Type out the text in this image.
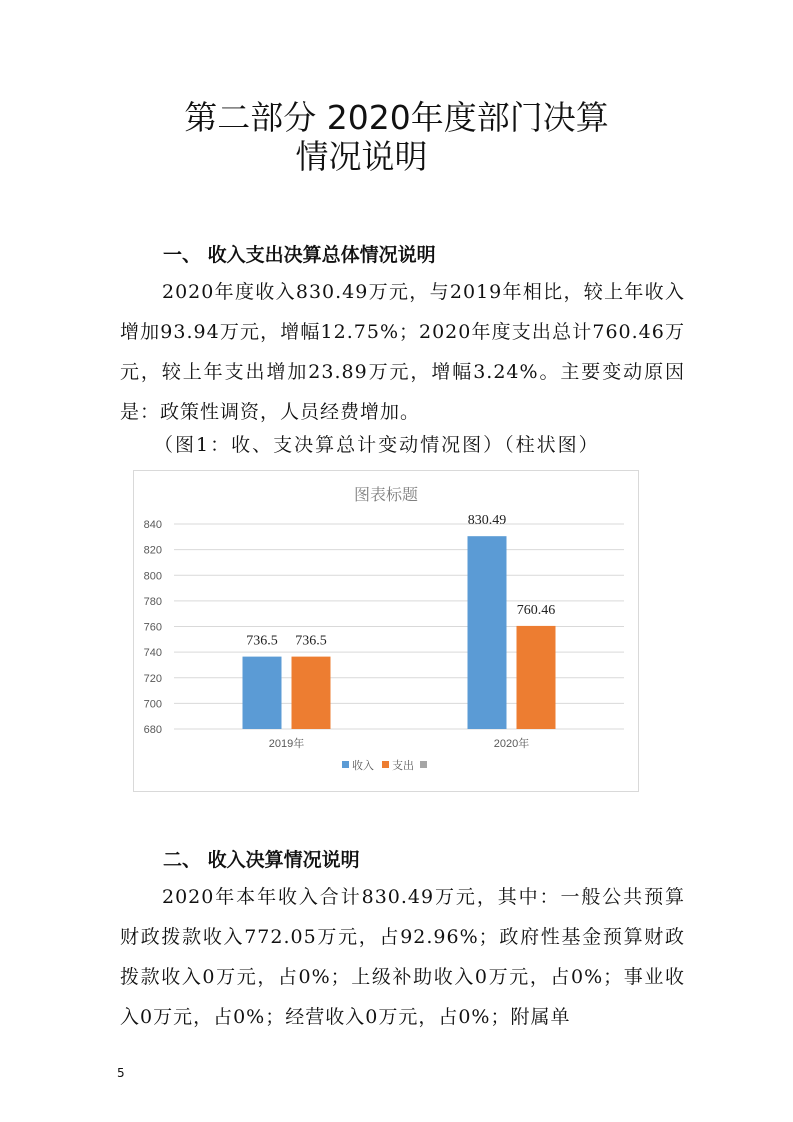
第二部分 2020年度部门决算
情况说明
一、 收入支出决算总体情况说明

2020年度收入830.49万元，与2019年相比，较上年收入增加93.94万元，增幅12.75%；2020年度支出总计760.46万元，较上年支出增加23.89万元，增幅3.24%。主要变动原因是：政策性调资，人员经费增加。

（图1：收、支决算总计变动情况图）（柱状图）

图表标题
680
700
720
740
760
780
800
820
840
736.5 736.5
2019年
830.49
760.46
2020年
收入 支出
二、 收入决算情况说明

2020年本年收入合计830.49万元，其中：一般公共预算财政拨款收入772.05万元，占92.96%；政府性基金预算财政拨款收入0万元，占0%；上级补助收入0万元，占0%；事业收入0万元，占0%；经营收入0万元，占0%；附属单

5
